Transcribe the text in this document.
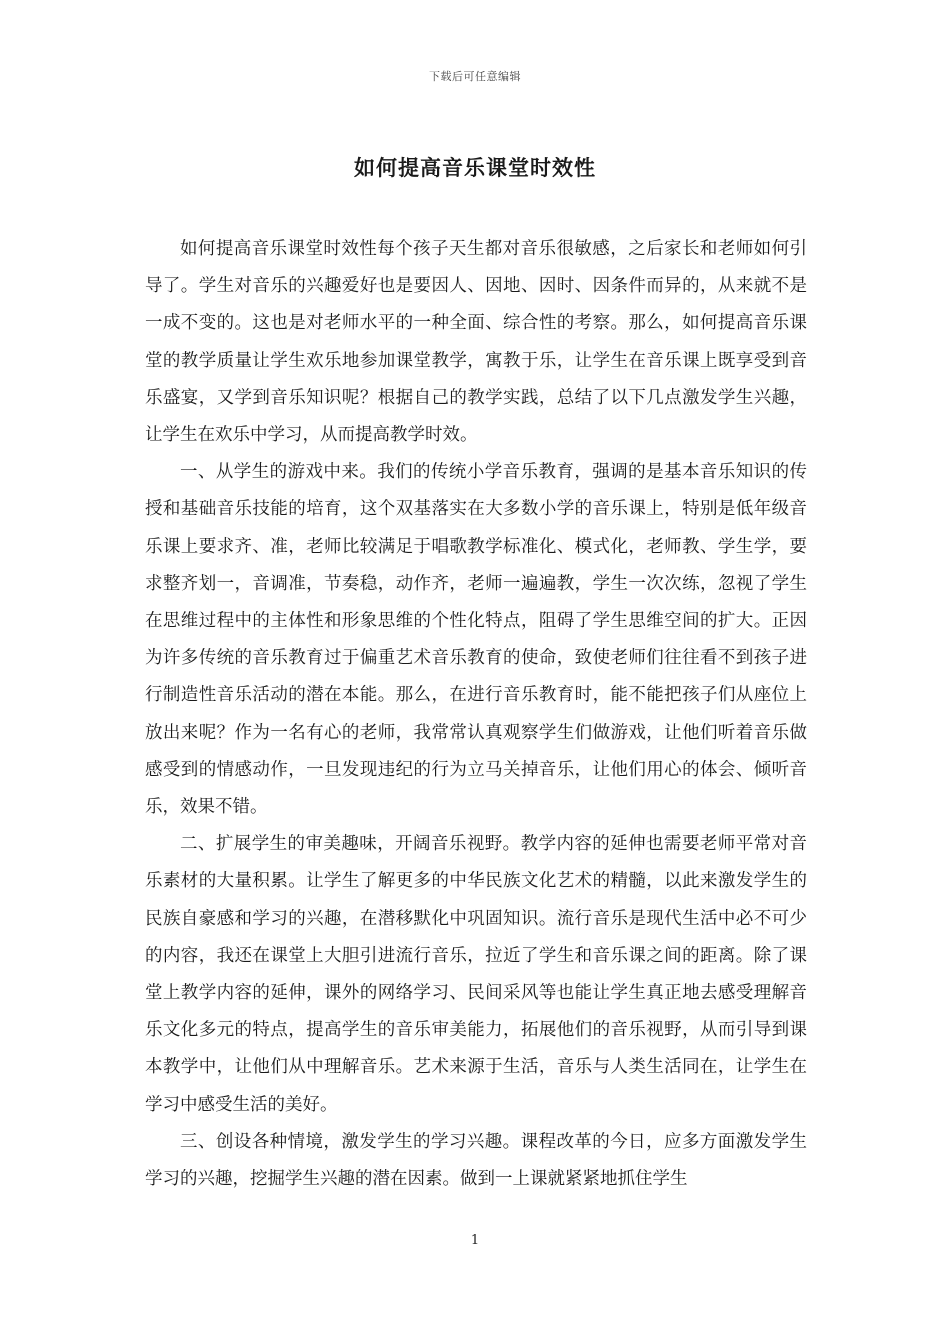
下载后可任意编辑
如何提高音乐课堂时效性

如何提高音乐课堂时效性每个孩子天生都对音乐很敏感，之后家长和老师如何引导了。学生对音乐的兴趣爱好也是要因人、因地、因时、因条件而异的，从来就不是一成不变的。这也是对老师水平的一种全面、综合性的考察。那么，如何提高音乐课堂的教学质量让学生欢乐地参加课堂教学，寓教于乐，让学生在音乐课上既享受到音乐盛宴，又学到音乐知识呢？根据自己的教学实践，总结了以下几点激发学生兴趣，让学生在欢乐中学习，从而提高教学时效。

一、从学生的游戏中来。我们的传统小学音乐教育，强调的是基本音乐知识的传授和基础音乐技能的培育，这个双基落实在大多数小学的音乐课上，特别是低年级音乐课上要求齐、准，老师比较满足于唱歌教学标准化、模式化，老师教、学生学，要求整齐划一，音调准，节奏稳，动作齐，老师一遍遍教，学生一次次练，忽视了学生在思维过程中的主体性和形象思维的个性化特点，阻碍了学生思维空间的扩大。正因为许多传统的音乐教育过于偏重艺术音乐教育的使命，致使老师们往往看不到孩子进行制造性音乐活动的潜在本能。那么，在进行音乐教育时，能不能把孩子们从座位上放出来呢？作为一名有心的老师，我常常认真观察学生们做游戏，让他们听着音乐做感受到的情感动作，一旦发现违纪的行为立马关掉音乐，让他们用心的体会、倾听音乐，效果不错。

二、扩展学生的审美趣味，开阔音乐视野。教学内容的延伸也需要老师平常对音乐素材的大量积累。让学生了解更多的中华民族文化艺术的精髓，以此来激发学生的民族自豪感和学习的兴趣，在潜移默化中巩固知识。流行音乐是现代生活中必不可少的内容，我还在课堂上大胆引进流行音乐，拉近了学生和音乐课之间的距离。除了课堂上教学内容的延伸，课外的网络学习、民间采风等也能让学生真正地去感受理解音乐文化多元的特点，提高学生的音乐审美能力，拓展他们的音乐视野，从而引导到课本教学中，让他们从中理解音乐。艺术来源于生活，音乐与人类生活同在，让学生在学习中感受生活的美好。

三、创设各种情境，激发学生的学习兴趣。课程改革的今日，应多方面激发学生学习的兴趣，挖掘学生兴趣的潜在因素。做到一上课就紧紧地抓住学生

1
